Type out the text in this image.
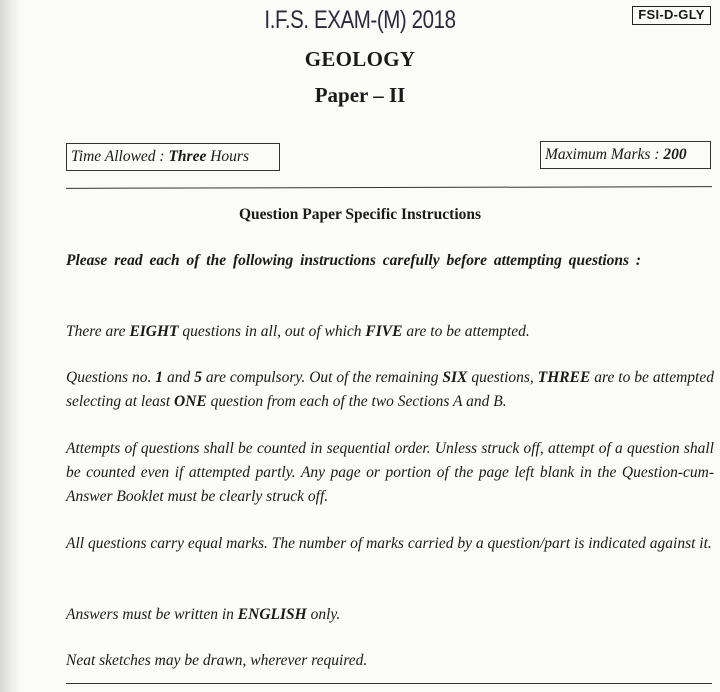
I.F.S. EXAM-(M) 2018	FSI-D-GLY
GEOLOGY
Paper – II
Time Allowed : Three Hours	Maximum Marks : 200
Question Paper Specific Instructions
Please read each of the following instructions carefully before attempting questions :
There are EIGHT questions in all, out of which FIVE are to be attempted.
Questions no. 1 and 5 are compulsory. Out of the remaining SIX questions, THREE are to be attempted selecting at least ONE question from each of the two Sections A and B.
Attempts of questions shall be counted in sequential order. Unless struck off, attempt of a question shall be counted even if attempted partly. Any page or portion of the page left blank in the Question-cum-Answer Booklet must be clearly struck off.
All questions carry equal marks. The number of marks carried by a question/part is indicated against it.
Answers must be written in ENGLISH only.
Neat sketches may be drawn, wherever required.
